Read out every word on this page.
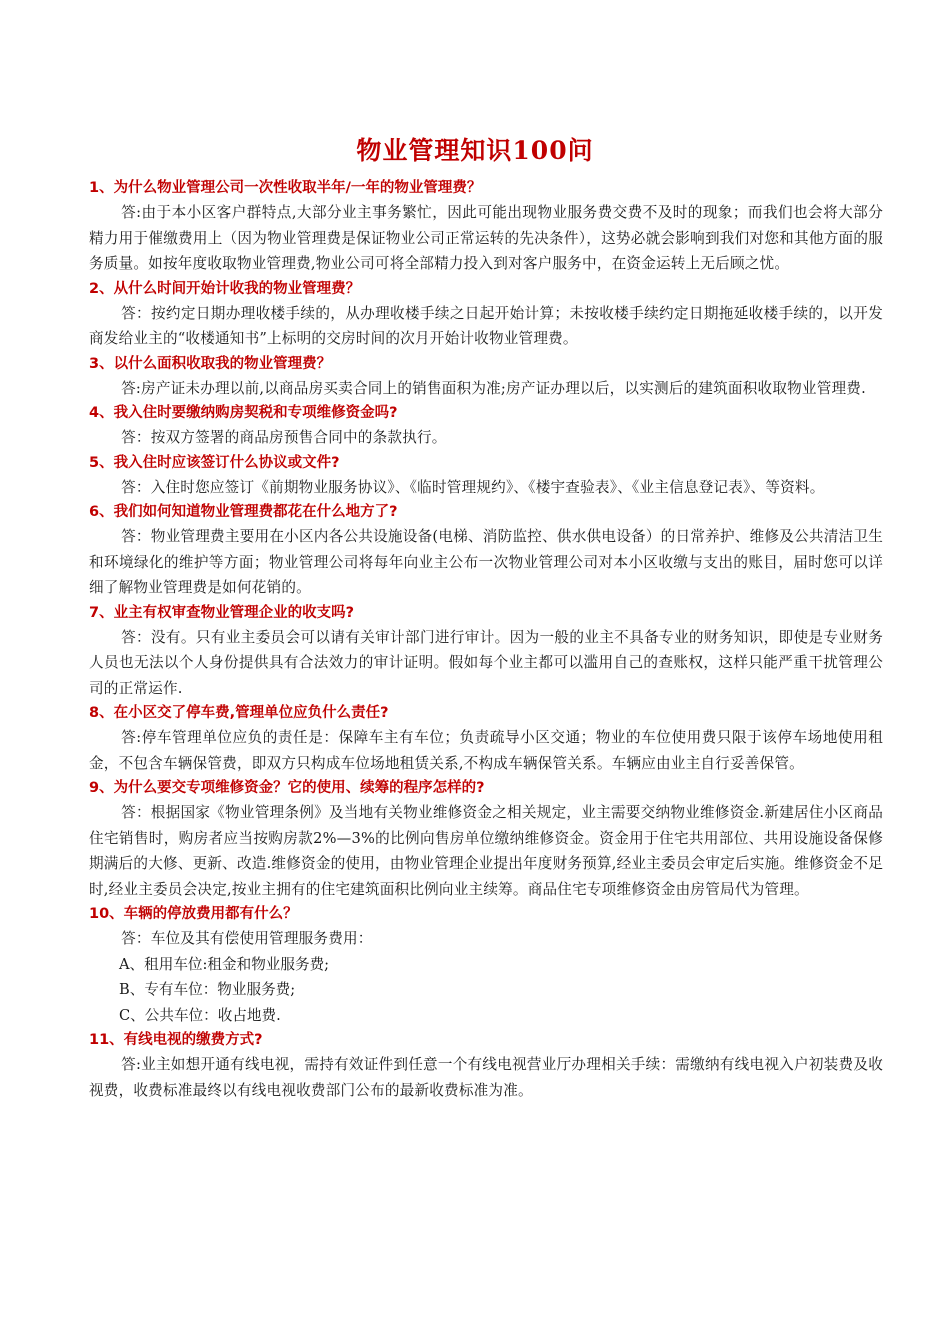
物业管理知识100问

1、为什么物业管理公司一次性收取半年/一年的物业管理费？

答:由于本小区客户群特点,大部分业主事务繁忙，因此可能出现物业服务费交费不及时的现象；而我们也会将大部分精力用于催缴费用上（因为物业管理费是保证物业公司正常运转的先决条件），这势必就会影响到我们对您和其他方面的服务质量。如按年度收取物业管理费,物业公司可将全部精力投入到对客户服务中，在资金运转上无后顾之忧。

2、从什么时间开始计收我的物业管理费？

答：按约定日期办理收楼手续的，从办理收楼手续之日起开始计算；未按收楼手续约定日期拖延收楼手续的，以开发商发给业主的“收楼通知书”上标明的交房时间的次月开始计收物业管理费。

3、以什么面积收取我的物业管理费？

答:房产证未办理以前,以商品房买卖合同上的销售面积为准;房产证办理以后，以实测后的建筑面积收取物业管理费.

4、我入住时要缴纳购房契税和专项维修资金吗?

答：按双方签署的商品房预售合同中的条款执行。

5、我入住时应该签订什么协议或文件?

答：入住时您应签订《前期物业服务协议》、《临时管理规约》、《楼宇查验表》、《业主信息登记表》、等资料。

6、我们如何知道物业管理费都花在什么地方了?

答：物业管理费主要用在小区内各公共设施设备(电梯、消防监控、供水供电设备）的日常养护、维修及公共清洁卫生和环境绿化的维护等方面；物业管理公司将每年向业主公布一次物业管理公司对本小区收缴与支出的账目，届时您可以详细了解物业管理费是如何花销的。

7、业主有权审查物业管理企业的收支吗?

答：没有。只有业主委员会可以请有关审计部门进行审计。因为一般的业主不具备专业的财务知识，即使是专业财务人员也无法以个人身份提供具有合法效力的审计证明。假如每个业主都可以滥用自己的查账权，这样只能严重干扰管理公司的正常运作.

8、在小区交了停车费,管理单位应负什么责任?

答:停车管理单位应负的责任是：保障车主有车位；负责疏导小区交通；物业的车位使用费只限于该停车场地使用租金，不包含车辆保管费，即双方只构成车位场地租赁关系,不构成车辆保管关系。车辆应由业主自行妥善保管。

9、为什么要交专项维修资金？它的使用、续筹的程序怎样的?

答：根据国家《物业管理条例》及当地有关物业维修资金之相关规定，业主需要交纳物业维修资金.新建居住小区商品住宅销售时，购房者应当按购房款2%—3%的比例向售房单位缴纳维修资金。资金用于住宅共用部位、共用设施设备保修期满后的大修、更新、改造.维修资金的使用，由物业管理企业提出年度财务预算,经业主委员会审定后实施。维修资金不足时,经业主委员会决定,按业主拥有的住宅建筑面积比例向业主续筹。商品住宅专项维修资金由房管局代为管理。

10、车辆的停放费用都有什么？

答：车位及其有偿使用管理服务费用：

A、租用车位:租金和物业服务费;

B、专有车位：物业服务费;

C、公共车位：收占地费.

11、有线电视的缴费方式?

答:业主如想开通有线电视，需持有效证件到任意一个有线电视营业厅办理相关手续：需缴纳有线电视入户初装费及收视费，收费标准最终以有线电视收费部门公布的最新收费标准为准。
